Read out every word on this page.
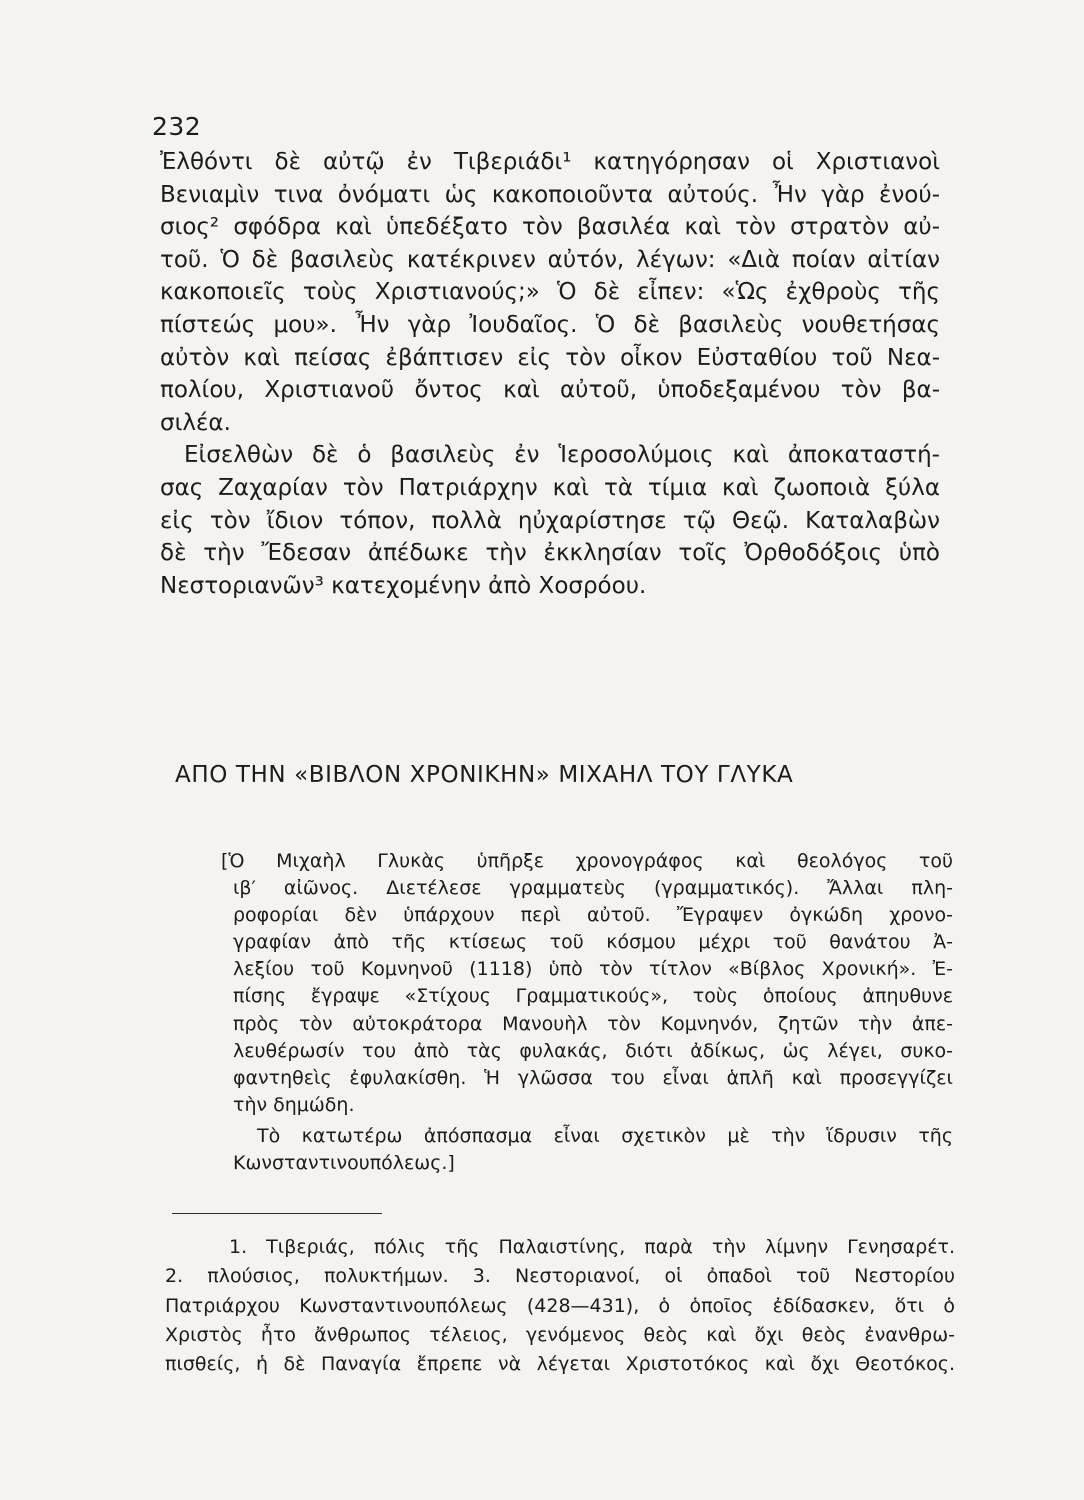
232
Ἐλθόντι δὲ αὐτῷ ἐν Τιβεριάδι¹ κατηγόρησαν οἱ Χριστιανοὶ
Βενιαμὶν τινα ὀνόματι ὡς κακοποιοῦντα αὐτούς. Ἦν γὰρ ἐνού-
σιος² σφόδρα καὶ ὑπεδέξατο τὸν βασιλέα καὶ τὸν στρατὸν αὐ-
τοῦ. Ὁ δὲ βασιλεὺς κατέκρινεν αὐτόν, λέγων: «Διὰ ποίαν αἰτίαν
κακοποιεῖς τοὺς Χριστιανούς;» Ὁ δὲ εἶπεν: «Ὡς ἐχθροὺς τῆς
πίστεώς μου». Ἦν γὰρ Ἰουδαῖος. Ὁ δὲ βασιλεὺς νουθετήσας
αὐτὸν καὶ πείσας ἐβάπτισεν εἰς τὸν οἶκον Εὐσταθίου τοῦ Νεα-
πολίου, Χριστιανοῦ ὄντος καὶ αὐτοῦ, ὑποδεξαμένου τὸν βα-
σιλέα.
Εἰσελθὼν δὲ ὁ βασιλεὺς ἐν Ἱεροσολύμοις καὶ ἀποκαταστή-
σας Ζαχαρίαν τὸν Πατριάρχην καὶ τὰ τίμια καὶ ζωοποιὰ ξύλα
εἰς τὸν ἴδιον τόπον, πολλὰ ηὐχαρίστησε τῷ Θεῷ. Καταλαβὼν
δὲ τὴν Ἔδεσαν ἀπέδωκε τὴν ἐκκλησίαν τοῖς Ὀρθοδόξοις ὑπὸ
Νεστοριανῶν³ κατεχομένην ἀπὸ Χοσρόου.
ΑΠΟ ΤΗΝ «ΒΙΒΛΟΝ ΧΡΟΝΙΚΗΝ» ΜΙΧΑΗΛ ΤΟΥ ΓΛΥΚΑ
[Ὁ Μιχαὴλ Γλυκὰς ὑπῆρξε χρονογράφος καὶ θεολόγος τοῦ
ιβ′ αἰῶνος. Διετέλεσε γραμματεὺς (γραμματικός). Ἄλλαι πλη-
ροφορίαι δὲν ὑπάρχουν περὶ αὐτοῦ. Ἔγραψεν ὀγκώδη χρονο-
γραφίαν ἀπὸ τῆς κτίσεως τοῦ κόσμου μέχρι τοῦ θανάτου Ἀ-
λεξίου τοῦ Κομνηνοῦ (1118) ὑπὸ τὸν τίτλον «Βίβλος Χρονική». Ἐ-
πίσης ἔγραψε «Στίχους Γραμματικούς», τοὺς ὁποίους ἀπηυθυνε
πρὸς τὸν αὐτοκράτορα Μανουὴλ τὸν Κομνηνόν, ζητῶν τὴν ἀπε-
λευθέρωσίν του ἀπὸ τὰς φυλακάς, διότι ἀδίκως, ὡς λέγει, συκο-
φαντηθεὶς ἐφυλακίσθη. Ἡ γλῶσσα του εἶναι ἁπλῆ καὶ προσεγγίζει
τὴν δημώδη.
Τὸ κατωτέρω ἀπόσπασμα εἶναι σχετικὸν μὲ τὴν ἵδρυσιν τῆς
Κωνσταντινουπόλεως.]
1. Τιβεριάς, πόλις τῆς Παλαιστίνης, παρὰ τὴν λίμνην Γενησαρέτ.
2. πλούσιος, πολυκτήμων. 3. Νεστοριανοί, οἱ ὀπαδοὶ τοῦ Νεστορίου
Πατριάρχου Κωνσταντινουπόλεως (428—431), ὁ ὁποῖος ἐδίδασκεν, ὅτι ὁ
Χριστὸς ἦτο ἄνθρωπος τέλειος, γενόμενος θεὸς καὶ ὄχι θεὸς ἐνανθρω-
πισθείς, ἡ δὲ Παναγία ἔπρεπε νὰ λέγεται Χριστοτόκος καὶ ὄχι Θεοτόκος.
